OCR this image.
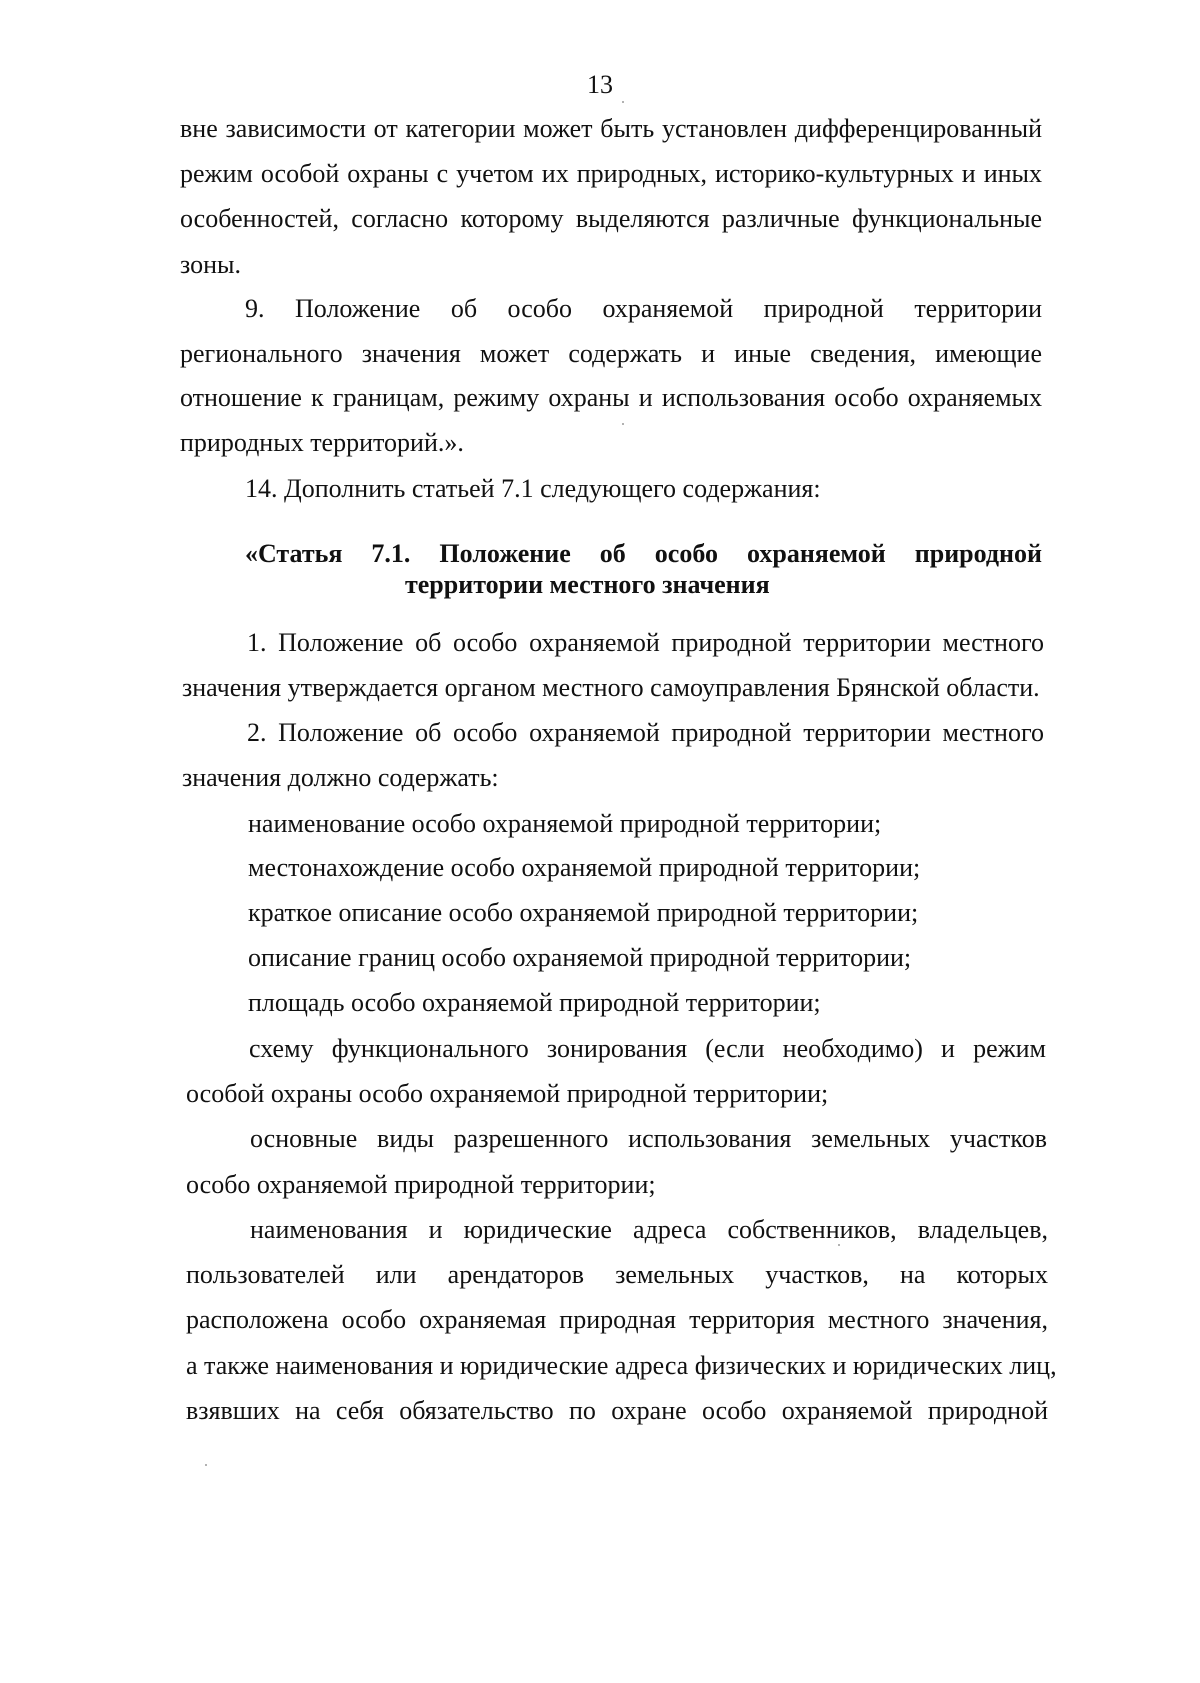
13
вне зависимости от категории может быть установлен дифференцированный
режим особой охраны с учетом их природных, историко-культурных и иных
особенностей, согласно которому выделяются различные функциональные
зоны.
9. Положение об особо охраняемой природной территории
регионального значения может содержать и иные сведения, имеющие
отношение к границам, режиму охраны и использования особо охраняемых
природных территорий.».
14. Дополнить статьей 7.1 следующего содержания:
«Статья 7.1. Положение об особо охраняемой природной
территории местного значения
1. Положение об особо охраняемой природной территории местного
значения утверждается органом местного самоуправления Брянской области.
2. Положение об особо охраняемой природной территории местного
значения должно содержать:
наименование особо охраняемой природной территории;
местонахождение особо охраняемой природной территории;
краткое описание особо охраняемой природной территории;
описание границ особо охраняемой природной территории;
площадь особо охраняемой природной территории;
схему функционального зонирования (если необходимо) и режим
особой охраны особо охраняемой природной территории;
основные виды разрешенного использования земельных участков
особо охраняемой природной территории;
наименования и юридические адреса собственников, владельцев,
пользователей или арендаторов земельных участков, на которых
расположена особо охраняемая природная территория местного значения,
а также наименования и юридические адреса физических и юридических лиц,
взявших на себя обязательство по охране особо охраняемой природной
